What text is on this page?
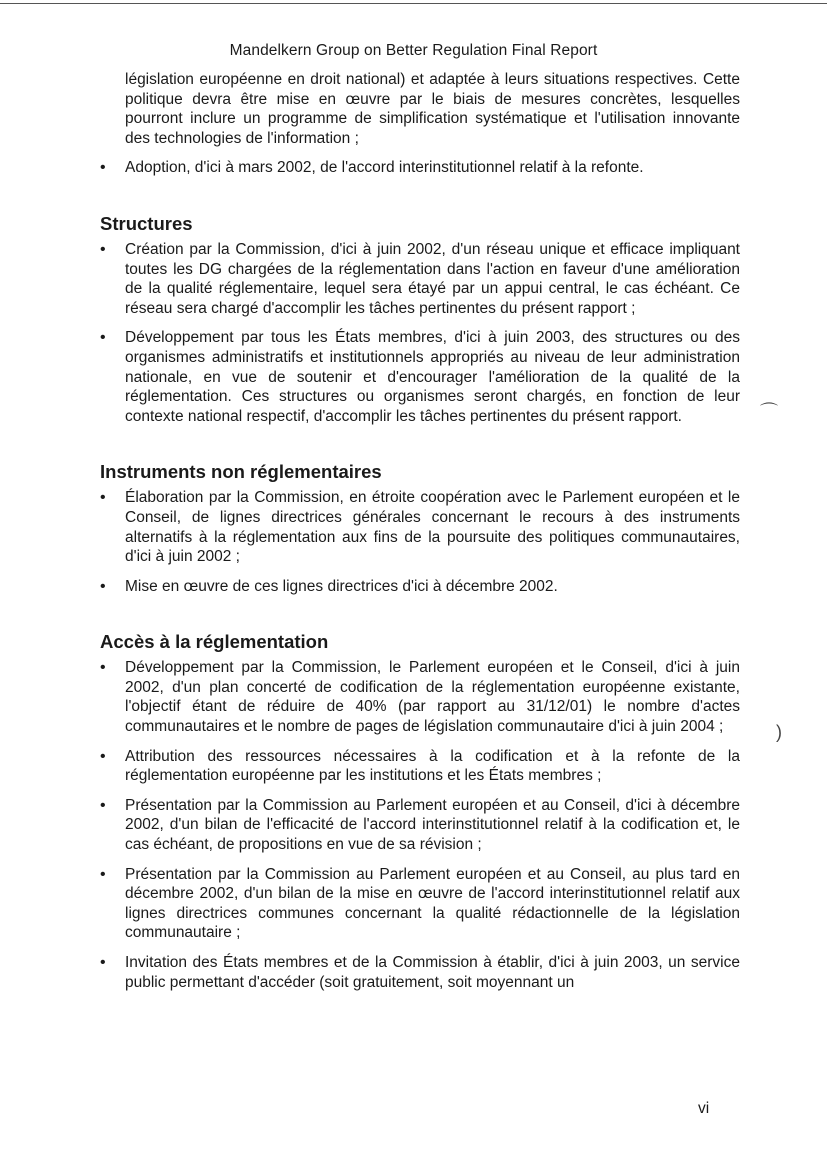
Mandelkern Group on Better Regulation Final Report
législation européenne en droit national) et adaptée à leurs situations respectives. Cette politique devra être mise en œuvre par le biais de mesures concrètes, lesquelles pourront inclure un programme de simplification systématique et l'utilisation innovante des technologies de l'information ;
•	Adoption, d'ici à mars 2002, de l'accord interinstitutionnel relatif à la refonte.
Structures
•	Création par la Commission, d'ici à juin 2002, d'un réseau unique et efficace impliquant toutes les DG chargées de la réglementation dans l'action en faveur d'une amélioration de la qualité réglementaire, lequel sera étayé par un appui central, le cas échéant. Ce réseau sera chargé d'accomplir les tâches pertinentes du présent rapport ;
•	Développement par tous les États membres, d'ici à juin 2003, des structures ou des organismes administratifs et institutionnels appropriés au niveau de leur administration nationale, en vue de soutenir et d'encourager l'amélioration de la qualité de la réglementation. Ces structures ou organismes seront chargés, en fonction de leur contexte national respectif, d'accomplir les tâches pertinentes du présent rapport.
Instruments non réglementaires
•	Élaboration par la Commission, en étroite coopération avec le Parlement européen et le Conseil, de lignes directrices générales concernant le recours à des instruments alternatifs à la réglementation aux fins de la poursuite des politiques communautaires, d'ici à juin 2002 ;
•	Mise en œuvre de ces lignes directrices d'ici à décembre 2002.
Accès à la réglementation
•	Développement par la Commission, le Parlement européen et le Conseil, d'ici à juin 2002, d'un plan concerté de codification de la réglementation européenne existante, l'objectif étant de réduire de 40% (par rapport au 31/12/01) le nombre d'actes communautaires et le nombre de pages de législation communautaire d'ici à juin 2004 ;
•	Attribution des ressources nécessaires à la codification et à la refonte de la réglementation européenne par les institutions et les États membres ;
•	Présentation par la Commission au Parlement européen et au Conseil, d'ici à décembre 2002, d'un bilan de l'efficacité de l'accord interinstitutionnel relatif à la codification et, le cas échéant, de propositions en vue de sa révision ;
•	Présentation par la Commission au Parlement européen et au Conseil, au plus tard en décembre 2002, d'un bilan de la mise en œuvre de l'accord interinstitutionnel relatif aux lignes directrices communes concernant la qualité rédactionnelle de la législation communautaire ;
•	Invitation des États membres et de la Commission à établir, d'ici à juin 2003, un service public permettant d'accéder (soit gratuitement, soit moyennant un
⌒
)
vi
